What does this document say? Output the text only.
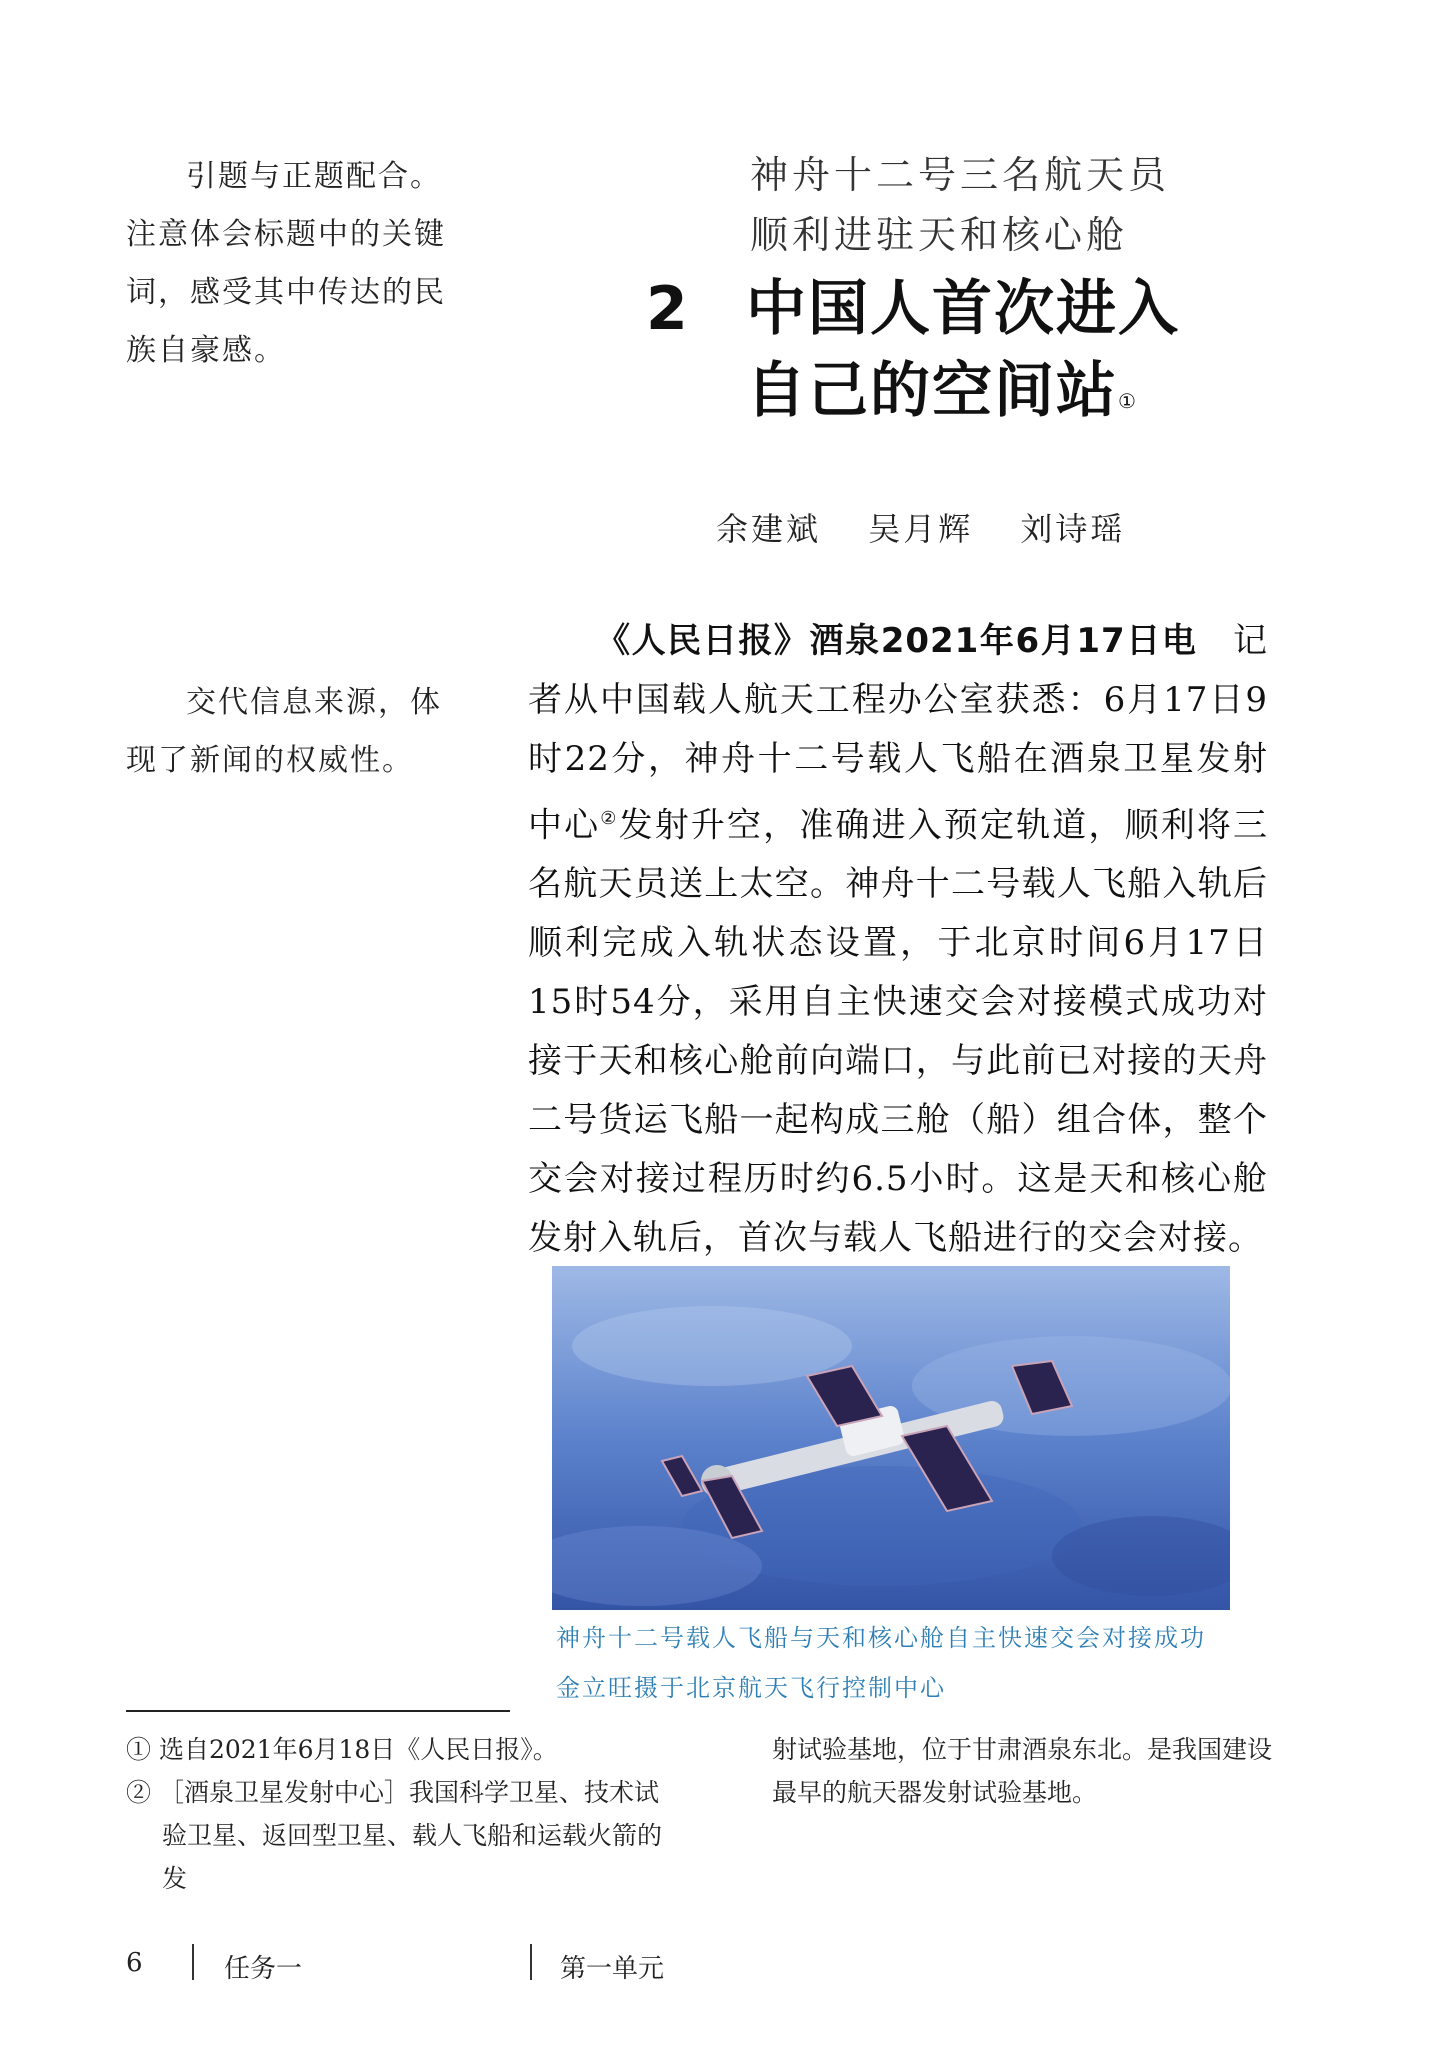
引题与正题配合。注意体会标题中的关键词，感受其中传达的民族自豪感。

交代信息来源，体现了新闻的权威性。

神舟十二号三名航天员
顺利进驻天和核心舱
2 中国人首次进入
自己的空间站①
余建斌 吴月辉 刘诗瑶

《人民日报》酒泉2021年6月17日电　 记者从中国载人航天工程办公室获悉：6月17日9时22分，神舟十二号载人飞船在酒泉卫星发射中心②发射升空，准确进入预定轨道，顺利将三名航天员送上太空。神舟十二号载人飞船入轨后顺利完成入轨状态设置，于北京时间6月17日15时54分，采用自主快速交会对接模式成功对接于天和核心舱前向端口，与此前已对接的天舟二号货运飞船一起构成三舱（船）组合体，整个交会对接过程历时约6.5小时。这是天和核心舱发射入轨后，首次与载人飞船进行的交会对接。

神舟十二号载人飞船与天和核心舱自主快速交会对接成功
金立旺摄于北京航天飞行控制中心

① 选自2021年6月18日《人民日报》。

② ［酒泉卫星发射中心］我国科学卫星、技术试验卫星、返回型卫星、载人飞船和运载火箭的发

射试验基地，位于甘肃酒泉东北。是我国建设最早的航天器发射试验基地。

6	任务一	第一单元
